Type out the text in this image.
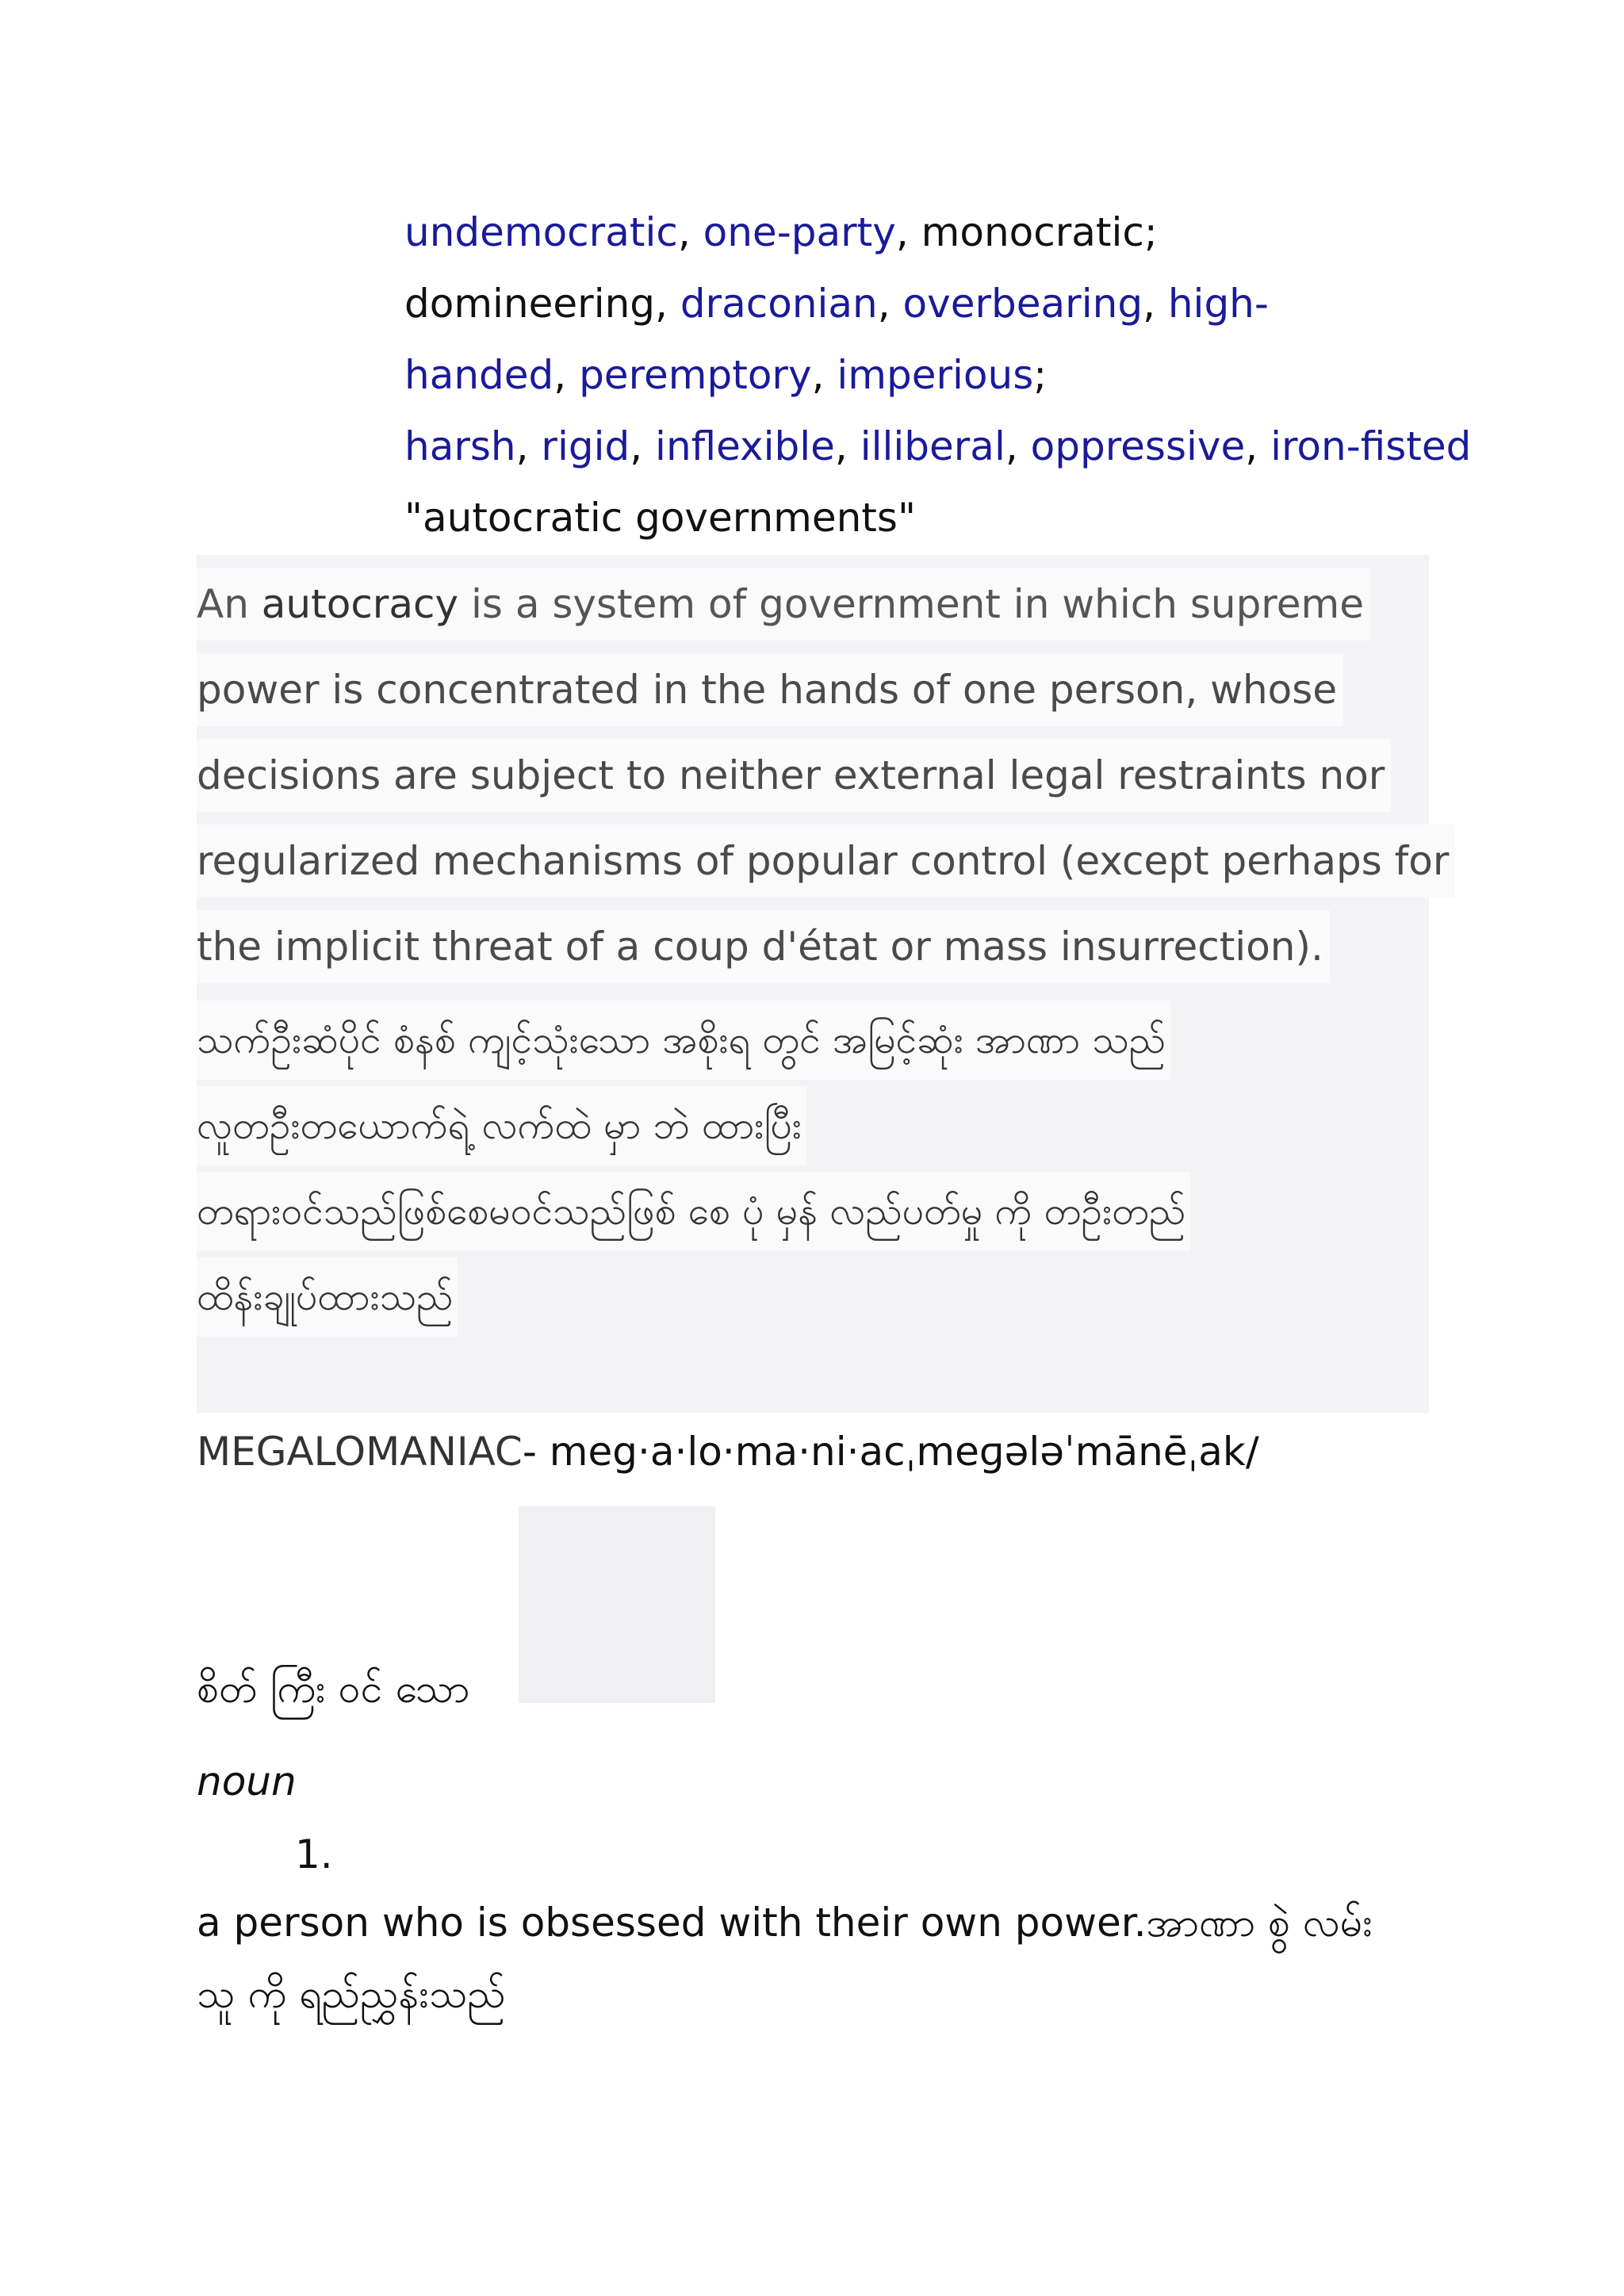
undemocratic, one-party, monocratic;
domineering, draconian, overbearing, high-
handed, peremptory, imperious;
harsh, rigid, inflexible, illiberal, oppressive, iron-fisted
"autocratic governments"
An autocracy is a system of government in which supreme
power is concentrated in the hands of one person, whose
decisions are subject to neither external legal restraints nor
regularized mechanisms of popular control (except perhaps for
the implicit threat of a coup d'état or mass insurrection).
သက်ဦးဆံပိုင် စံနစ် ကျင့်သုံးသော အစိုးရ တွင် အမြင့်ဆုံး အာဏာ သည်
လူတဦးတယောက်ရဲ့ လက်ထဲ မှာ ဘဲ ထားပြီး
တရားဝင်သည်ဖြစ်စေမဝင်သည်ဖြစ် စေ ပုံ မှန် လည်ပတ်မှု ကို တဦးတည်
ထိန်းချုပ်ထားသည်
MEGALOMANIAC- meg·a·lo·ma·ni·acˌmeɡələˈmānēˌak/
စိတ် ကြီး ဝင် သော
noun
1.
a person who is obsessed with their own power.အာဏာ စွဲ လမ်း
သူ ကို ရည်ညွှန်းသည်
